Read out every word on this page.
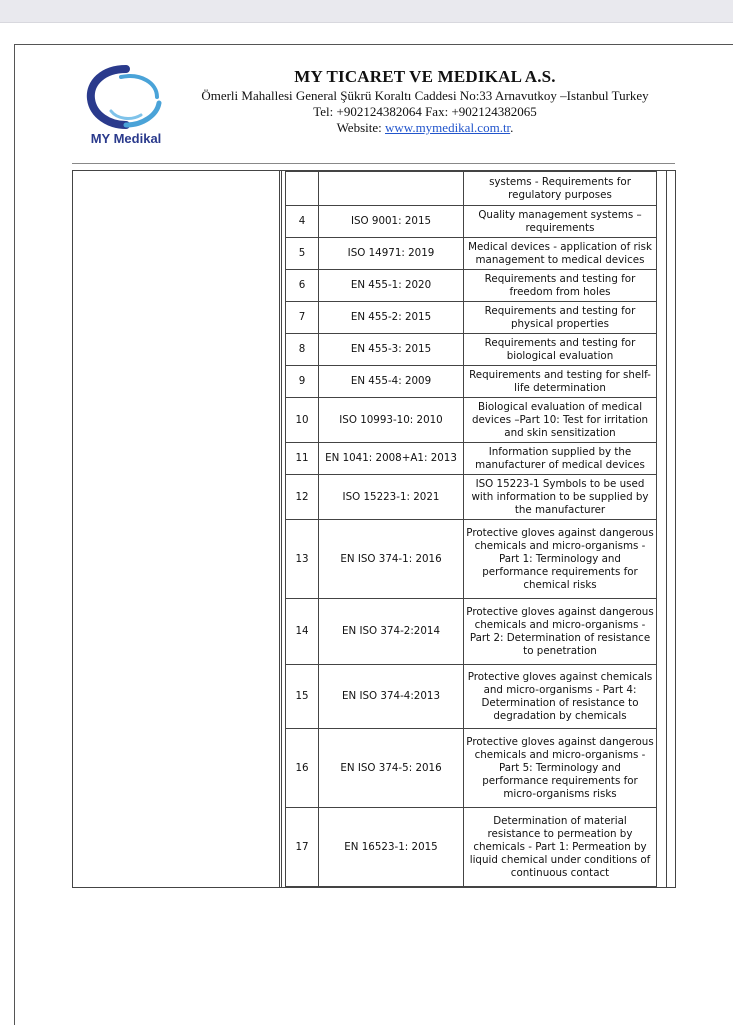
MY Medikal
MY TICARET VE MEDIKAL A.S.
Ömerli Mahallesi General Şükrü Koraltı Caddesi No:33 Arnavutkoy –Istanbul Turkey
Tel: +902124382064 Fax: +902124382065
Website: www.mymedikal.com.tr.
		systems - Requirements for regulatory purposes
4	ISO 9001: 2015	Quality management systems – requirements
5	ISO 14971: 2019	Medical devices - application of risk management to medical devices
6	EN 455-1: 2020	Requirements and testing for freedom from holes
7	EN 455-2: 2015	Requirements and testing for physical properties
8	EN 455-3: 2015	Requirements and testing for biological evaluation
9	EN 455-4: 2009	Requirements and testing for shelf-life determination
10	ISO 10993-10: 2010	Biological evaluation of medical devices –Part 10: Test for irritation and skin sensitization
11	EN 1041: 2008+A1: 2013	Information supplied by the manufacturer of medical devices
12	ISO 15223-1: 2021	ISO 15223-1 Symbols to be used with information to be supplied by the manufacturer
13	EN ISO 374-1: 2016	Protective gloves against dangerous chemicals and micro-organisms - Part 1: Terminology and performance requirements for chemical risks
14	EN ISO 374-2:2014	Protective gloves against dangerous chemicals and micro-organisms - Part 2: Determination of resistance to penetration
15	EN ISO 374-4:2013	Protective gloves against chemicals and micro-organisms - Part 4: Determination of resistance to degradation by chemicals
16	EN ISO 374-5: 2016	Protective gloves against dangerous chemicals and micro-organisms - Part 5: Terminology and performance requirements for micro-organisms risks
17	EN 16523-1: 2015	Determination of material resistance to permeation by chemicals - Part 1: Permeation by liquid chemical under conditions of continuous contact
